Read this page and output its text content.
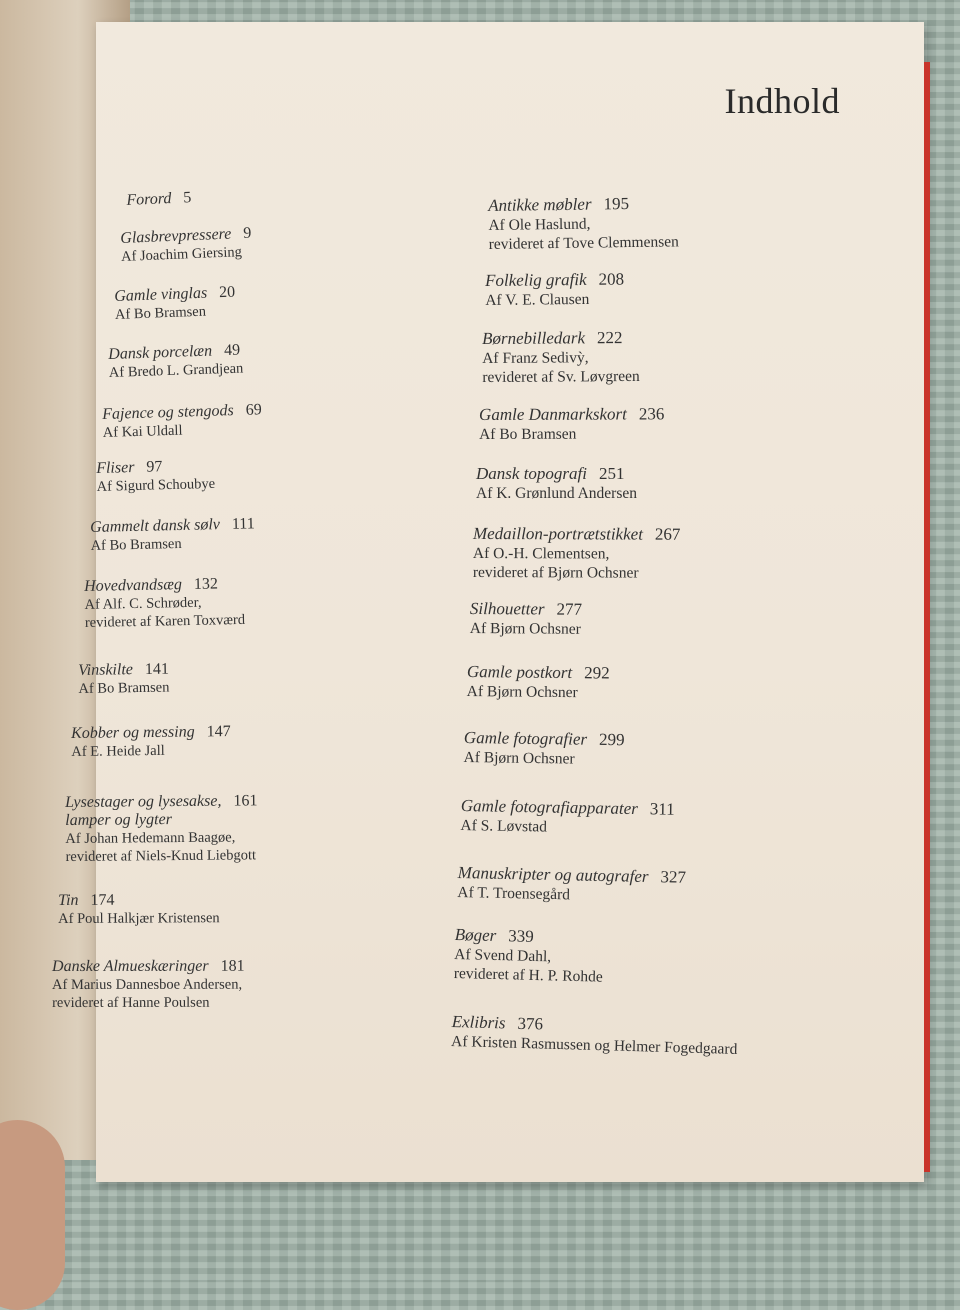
Indhold
Forord 5
Glasbrevpressere 9
Af Joachim Giersing
Gamle vinglas 20
Af Bo Bramsen
Dansk porcelæn 49
Af Bredo L. Grandjean
Fajence og stengods 69
Af Kai Uldall
Fliser 97
Af Sigurd Schoubye
Gammelt dansk sølv 111
Af Bo Bramsen
Hovedvandsæg 132
Af Alf. C. Schrøder,
revideret af Karen Toxværd
Vinskilte 141
Af Bo Bramsen
Kobber og messing 147
Af E. Heide Jall
Lysestager og lysesakse, 161
lamper og lygter
Af Johan Hedemann Baagøe,
revideret af Niels-Knud Liebgott
Tin 174
Af Poul Halkjær Kristensen
Danske Almueskæringer 181
Af Marius Dannesboe Andersen,
revideret af Hanne Poulsen
Antikke møbler 195
Af Ole Haslund,
revideret af Tove Clemmensen
Folkelig grafik 208
Af V. E. Clausen
Børnebilledark 222
Af Franz Sedivỳ,
revideret af Sv. Løvgreen
Gamle Danmarkskort 236
Af Bo Bramsen
Dansk topografi 251
Af K. Grønlund Andersen
Medaillon-portrætstikket 267
Af O.-H. Clementsen,
revideret af Bjørn Ochsner
Silhouetter 277
Af Bjørn Ochsner
Gamle postkort 292
Af Bjørn Ochsner
Gamle fotografier 299
Af Bjørn Ochsner
Gamle fotografiapparater 311
Af S. Løvstad
Manuskripter og autografer 327
Af T. Troensegård
Bøger 339
Af Svend Dahl,
revideret af H. P. Rohde
Exlibris 376
Af Kristen Rasmussen og Helmer Fogedgaard
